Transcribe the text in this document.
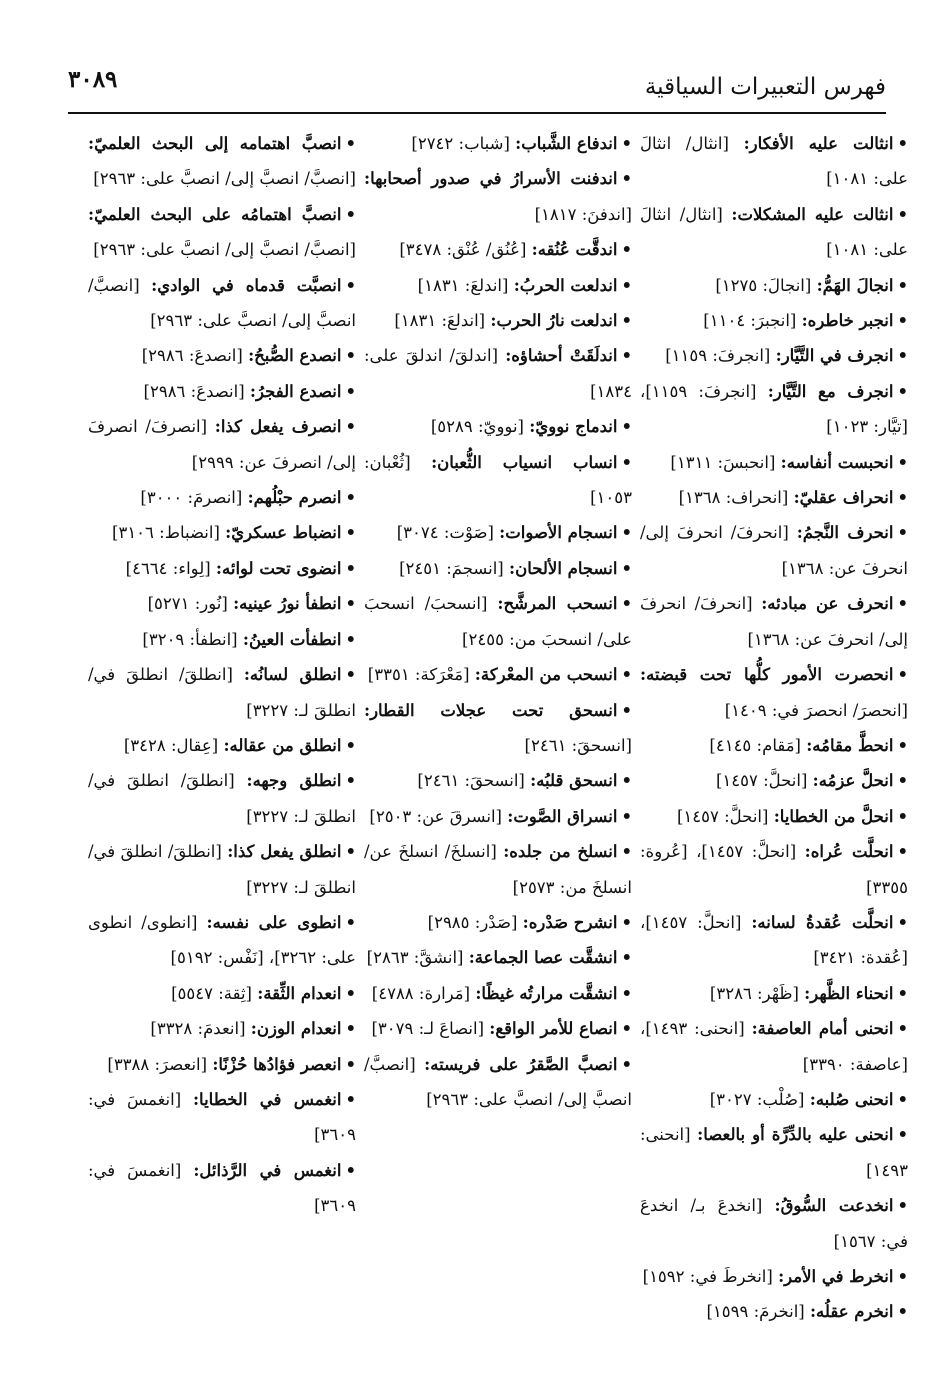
فهرس التعبيرات السياقية
٣٠٨٩

•انثالت عليه الأفكار: [انثال/ انثالَ على: ١٠٨١]

•انثالت عليه المشكلات: [انثال/ انثالَ على: ١٠٨١]

•انجالَ الهَمُّ: [انجالَ: ١٢٧٥]

•انجبر خاطره: [انجبرَ: ١١٠٤]

•انجرف في التَّيَّار: [انجرفَ: ١١٥٩]

•انجرف مع التَّيَّار: [انجرفَ: ١١٥٩]، [تيَّار: ١٠٢٣]

•انحبست أنفاسه: [انحبسَ: ١٣١١]

•انحراف عقليّ: [انحراف: ١٣٦٨]

•انحرف النَّجمُ: [انحرفَ/ انحرفَ إلى/ انحرفَ عن: ١٣٦٨]

•انحرف عن مبادئه: [انحرفَ/ انحرفَ إلى/ انحرفَ عن: ١٣٦٨]

•انحصرت الأمور كلُّها تحت قبضته: [انحصرَ/ انحصرَ في: ١٤٠٩]

•انحطَّ مقامُه: [مَقام: ٤١٤٥]

•انحلَّ عزمُه: [انحلَّ: ١٤٥٧]

•انحلَّ من الخطايا: [انحلَّ: ١٤٥٧]

•انحلَّت عُراه: [انحلَّ: ١٤٥٧]، [عُروة: ٣٣٥٥]

•انحلَّت عُقدةُ لسانه: [انحلَّ: ١٤٥٧]، [عُقدة: ٣٤٢١]

•انحناء الظَّهر: [ظَهْر: ٣٢٨٦]

•انحنى أمام العاصفة: [انحنى: ١٤٩٣]، [عاصفة: ٣٣٩٠]

•انحنى صُلبه: [صُلْب: ٣٠٢٧]

•انحنى عليه بالدِّرَّة أو بالعصا: [انحنى: ١٤٩٣]

•انخدعت السُّوقُ: [انخدعَ بـ/ انخدعَ في: ١٥٦٧]

•انخرط في الأمر: [انخرطَ في: ١٥٩٢]

•انخرم عقلُه: [انخرمَ: ١٥٩٩]

•اندفاع الشَّباب: [شباب: ٢٧٤٢]

•اندفنت الأسرارُ في صدور أصحابها: [اندفنَ: ١٨١٧]

•اندقَّت عُنُقه: [عُنُق/ عُنْق: ٣٤٧٨]

•اندلعت الحربُ: [اندلعَ: ١٨٣١]

•اندلعت نارُ الحرب: [اندلعَ: ١٨٣١]

•اندلَقَتْ أحشاؤه: [اندلقَ/ اندلقَ على: ١٨٣٤]

•اندماج نوويّ: [نوويّ: ٥٢٨٩]

•انساب انسياب الثُّعبان: [ثُعْبان: ١٠٥٣]

•انسجام الأصوات: [صَوْت: ٣٠٧٤]

•انسجام الألحان: [انسجمَ: ٢٤٥١]

•انسحب المرشَّح: [انسحبَ/ انسحبَ على/ انسحبَ من: ٢٤٥٥]

•انسحب من المعْركة: [مَعْرَكة: ٣٣٥١]

•انسحق تحت عجلات القطار: [انسحقَ: ٢٤٦١]

•انسحق قلبُه: [انسحقَ: ٢٤٦١]

•انسراق الصَّوت: [انسرقَ عن: ٢٥٠٣]

•انسلخ من جلده: [انسلخَ/ انسلخَ عن/ انسلخَ من: ٢٥٧٣]

•انشرح صَدْره: [صَدْر: ٢٩٨٥]

•انشقَّت عصا الجماعة: [انشقَّ: ٢٨٦٣]

•انشقَّت مرارتُه غيظًا: [مَرارة: ٤٧٨٨]

•انصاع للأمر الواقع: [انصاعَ لـ: ٣٠٧٩]

•انصبَّ الصَّقرُ على فريسته: [انصبَّ/ انصبَّ إلى/ انصبَّ على: ٢٩٦٣]

•انصبَّ اهتمامه إلى البحث العلميّ: [انصبَّ/ انصبَّ إلى/ انصبَّ على: ٢٩٦٣]

•انصبَّ اهتمامُه على البحث العلميّ: [انصبَّ/ انصبَّ إلى/ انصبَّ على: ٢٩٦٣]

•انصبَّت قدماه في الوادي: [انصبَّ/ انصبَّ إلى/ انصبَّ على: ٢٩٦٣]

•انصدع الصُّبحُ: [انصدعَ: ٢٩٨٦]

•انصدع الفجرُ: [انصدعَ: ٢٩٨٦]

•انصرف يفعل كذا: [انصرفَ/ انصرفَ إلى/ انصرفَ عن: ٢٩٩٩]

•انصرم حبْلُهم: [انصرمَ: ٣٠٠٠]

•انضباط عسكريّ: [انضباط: ٣١٠٦]

•انضوى تحت لوائه: [لِواء: ٤٦٦٤]

•انطفأ نورُ عينيه: [نُور: ٥٢٧١]

•انطفأت العينُ: [انطفأ: ٣٢٠٩]

•انطلق لسانُه: [انطلقَ/ انطلقَ في/ انطلقَ لـ: ٣٢٢٧]

•انطلق من عقاله: [عِقال: ٣٤٢٨]

•انطلق وجهه: [انطلقَ/ انطلقَ في/ انطلقَ لـ: ٣٢٢٧]

•انطلق يفعل كذا: [انطلقَ/ انطلقَ في/ انطلقَ لـ: ٣٢٢٧]

•انطوى على نفسه: [انطوى/ انطوى على: ٣٢٦٢]، [نَفْس: ٥١٩٢]

•انعدام الثِّقة: [ثِقة: ٥٥٤٧]

•انعدام الوزن: [انعدمَ: ٣٣٢٨]

•انعصر فؤادُها حُزْنًا: [انعصرَ: ٣٣٨٨]

•انغمس في الخطايا: [انغمسَ في: ٣٦٠٩]

•انغمس في الرَّذائل: [انغمسَ في: ٣٦٠٩]
